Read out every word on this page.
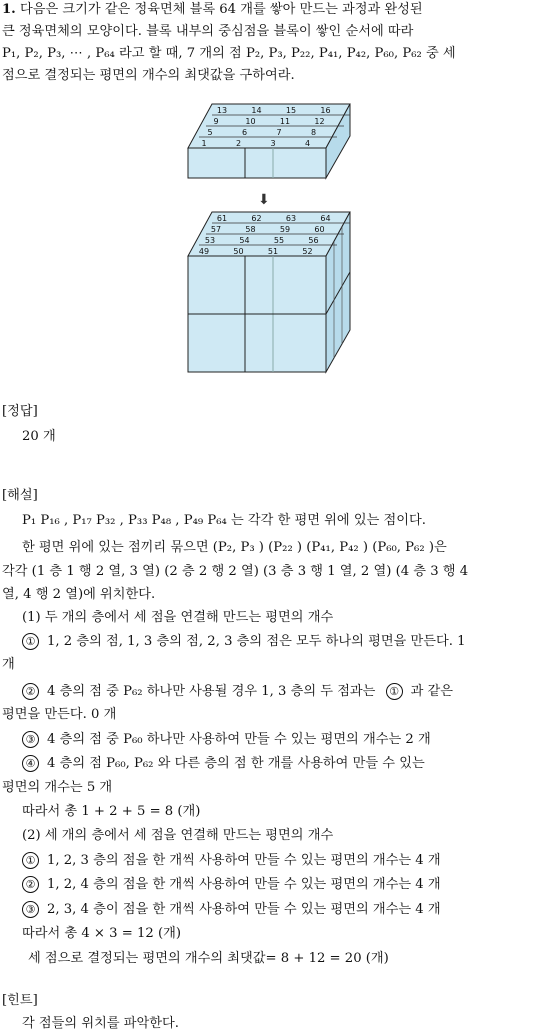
1. 다음은 크기가 같은 정육면체 블록 64 개를 쌓아 만드는 과정과 완성된
큰 정육면체의 모양이다. 블록 내부의 중심점을 블록이 쌓인 순서에 따라
P₁, P₂, P₃, ⋯ , P₆₄ 라고 할 때, 7 개의 점 P₂, P₃, P₂₂, P₄₁, P₄₂, P₆₀, P₆₂ 중 세
점으로 결정되는 평면의 개수의 최댓값을 구하여라.
13	14	15	16
9	10	11	12
5	6	7	8
1	2	3	4
⬇
61	62	63	64
57	58	59	60
53	54	55	56
49	50	51	52
[정답]
20 개
[해설]
P₁ P₁₆ , P₁₇ P₃₂ , P₃₃ P₄₈ , P₄₉ P₆₄ 는 각각 한 평면 위에 있는 점이다.
한 평면 위에 있는 점끼리 묶으면 (P₂, P₃ ) (P₂₂ ) (P₄₁, P₄₂ ) (P₆₀, P₆₂ )은
각각 (1 층 1 행 2 열, 3 열) (2 층 2 행 2 열) (3 층 3 행 1 열, 2 열) (4 층 3 행 4
열, 4 행 2 열)에 위치한다.
(1) 두 개의 층에서 세 점을 연결해 만드는 평면의 개수
① 1, 2 층의 점, 1, 3 층의 점, 2, 3 층의 점은 모두 하나의 평면을 만든다. 1
개
② 4 층의 점 중 P₆₂ 하나만 사용될 경우 1, 3 층의 두 점과는 ① 과 같은
평면을 만든다. 0 개
③ 4 층의 점 중 P₆₀ 하나만 사용하여 만들 수 있는 평면의 개수는 2 개
④ 4 층의 점 P₆₀, P₆₂ 와 다른 층의 점 한 개를 사용하여 만들 수 있는
평면의 개수는 5 개
따라서 총 1 + 2 + 5 = 8 (개)
(2) 세 개의 층에서 세 점을 연결해 만드는 평면의 개수
① 1, 2, 3 층의 점을 한 개씩 사용하여 만들 수 있는 평면의 개수는 4 개
② 1, 2, 4 층의 점을 한 개씩 사용하여 만들 수 있는 평면의 개수는 4 개
③ 2, 3, 4 층이 점을 한 개씩 사용하여 만들 수 있는 평면의 개수는 4 개
따라서 총 4 × 3 = 12 (개)
세 점으로 결정되는 평면의 개수의 최댓값= 8 + 12 = 20 (개)
[힌트]
각 점들의 위치를 파악한다.
